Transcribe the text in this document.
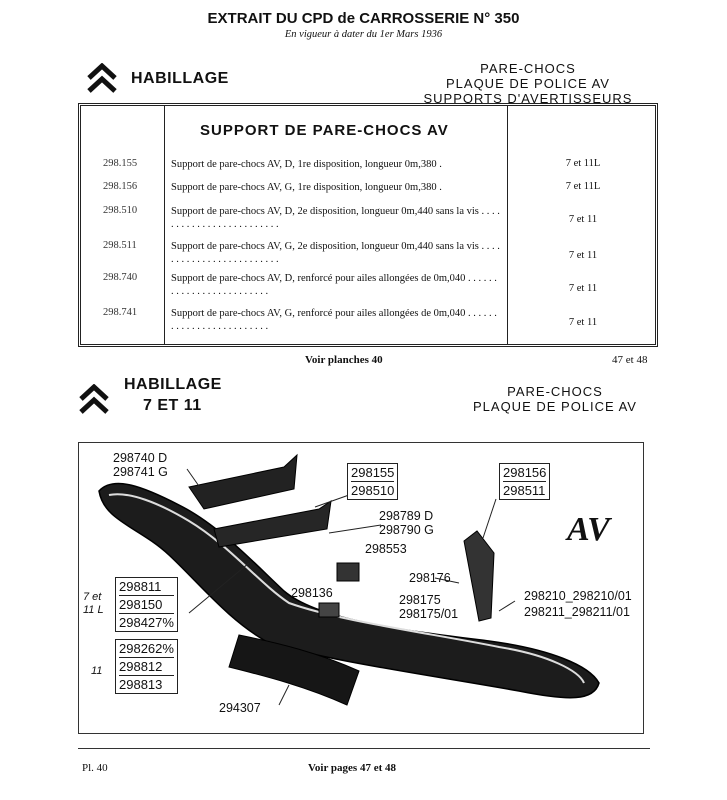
EXTRAIT DU CPD de CARROSSERIE N° 350
En vigueur à dater du 1er Mars 1936
HABILLAGE
PARE-CHOCS
PLAQUE DE POLICE AV
SUPPORTS D'AVERTISSEURS
SUPPORT DE PARE-CHOCS AV
298.155	Support de pare-chocs AV, D, 1re disposition, longueur 0m,380 .	7 et 11L
298.156	Support de pare-chocs AV, G, 1re disposition, longueur 0m,380 .	7 et 11L
298.510	Support de pare-chocs AV, D, 2e disposition, longueur 0m,440 sans la vis . . . . . . . . . . . . . . . . . . . . . . . . .	7 et 11
298.511	Support de pare-chocs AV, G, 2e disposition, longueur 0m,440 sans la vis . . . . . . . . . . . . . . . . . . . . . . . . .	7 et 11
298.740	Support de pare-chocs AV, D, renforcé pour ailes allongées de 0m,040 . . . . . . . . . . . . . . . . . . . . . . . . .	7 et 11
298.741	Support de pare-chocs AV, G, renforcé pour ailes allongées de 0m,040 . . . . . . . . . . . . . . . . . . . . . . . . .	7 et 11
Voir planches 40	47 et 48
HABILLAGE
7 ET 11
PARE-CHOCS
PLAQUE DE POLICE AV
298740 D
298741 G	298155
298510
298156
298511
AV
298789 D
298790 G
298553
298136
298176
298175
298175/01
298210_298210/01
298211_298211/01
7 et 11 L
298811
298150
298427%
11
298262%
298812
298813
294307
Pl. 40	Voir pages 47 et 48
